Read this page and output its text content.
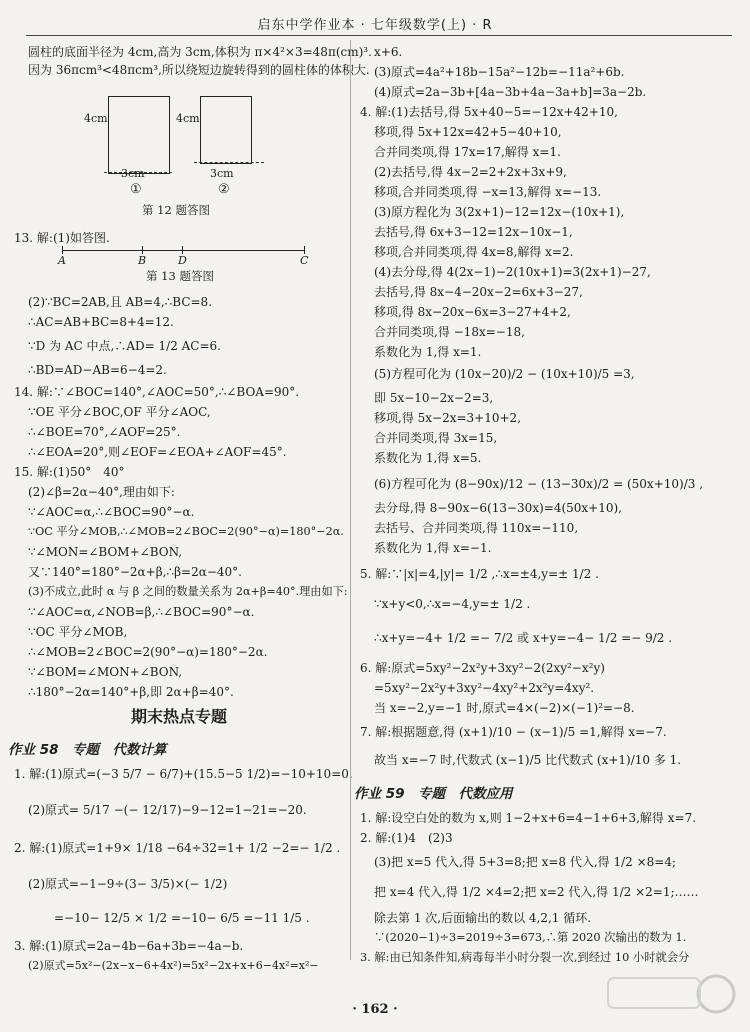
启东中学作业本 · 七年级数学(上) · R
圆柱的底面半径为 4cm,高为 3cm,体积为 π×4²×3=48π(cm)³.
因为 36πcm³<48πcm³,所以绕短边旋转得到的圆柱体的体积大.
4cm
3cm
①
4cm
3cm
②
第 12 题答图
13. 解:(1)如答图.
A	B	D	C
第 13 题答图
(2)∵BC=2AB,且 AB=4,∴BC=8.
∴AC=AB+BC=8+4=12.
∵D 为 AC 中点,∴AD= 1/2 AC=6.
∴BD=AD−AB=6−4=2.
14. 解:∵∠BOC=140°,∠AOC=50°,∴∠BOA=90°.
∵OE 平分∠BOC,OF 平分∠AOC,
∴∠BOE=70°,∠AOF=25°.
∴∠EOA=20°,则∠EOF=∠EOA+∠AOF=45°.
15. 解:(1)50°　40°
(2)∠β=2α−40°,理由如下:
∵∠AOC=α,∴∠BOC=90°−α.
∵OC 平分∠MOB,∴∠MOB=2∠BOC=2(90°−α)=180°−2α.
∵∠MON=∠BOM+∠BON,
又∵140°=180°−2α+β,∴β=2α−40°.
(3)不成立,此时 α 与 β 之间的数量关系为 2α+β=40°.理由如下:
∵∠AOC=α,∠NOB=β,∴∠BOC=90°−α.
∵OC 平分∠MOB,
∴∠MOB=2∠BOC=2(90°−α)=180°−2α.
∵∠BOM=∠MON+∠BON,
∴180°−2α=140°+β,即 2α+β=40°.
期末热点专题
作业 58　专题　代数计算
1. 解:(1)原式=(−3 5/7 − 6/7)+(15.5−5 1/2)=−10+10=0.
(2)原式= 5/17 −(− 12/17)−9−12=1−21=−20.
2. 解:(1)原式=1+9× 1/18 −64÷32=1+ 1/2 −2=− 1/2 .
(2)原式=−1−9÷(3− 3/5)×(− 1/2)
=−10− 12/5 × 1/2 =−10− 6/5 =−11 1/5 .
3. 解:(1)原式=2a−4b−6a+3b=−4a−b.
(2)原式=5x²−(2x−x−6+4x²)=5x²−2x+x+6−4x²=x²−
x+6.
(3)原式=4a²+18b−15a²−12b=−11a²+6b.
(4)原式=2a−3b+[4a−3b+4a−3a+b]=3a−2b.
4. 解:(1)去括号,得 5x+40−5=−12x+42+10,
移项,得 5x+12x=42+5−40+10,
合并同类项,得 17x=17,解得 x=1.
(2)去括号,得 4x−2=2+2x+3x+9,
移项,合并同类项,得 −x=13,解得 x=−13.
(3)原方程化为 3(2x+1)−12=12x−(10x+1),
去括号,得 6x+3−12=12x−10x−1,
移项,合并同类项,得 4x=8,解得 x=2.
(4)去分母,得 4(2x−1)−2(10x+1)=3(2x+1)−27,
去括号,得 8x−4−20x−2=6x+3−27,
移项,得 8x−20x−6x=3−27+4+2,
合并同类项,得 −18x=−18,
系数化为 1,得 x=1.
(5)方程可化为 (10x−20)/2 − (10x+10)/5 =3,
即 5x−10−2x−2=3,
移项,得 5x−2x=3+10+2,
合并同类项,得 3x=15,
系数化为 1,得 x=5.
(6)方程可化为 (8−90x)/12 − (13−30x)/2 = (50x+10)/3 ,
去分母,得 8−90x−6(13−30x)=4(50x+10),
去括号、合并同类项,得 110x=−110,
系数化为 1,得 x=−1.
5. 解:∵|x|=4,|y|= 1/2 ,∴x=±4,y=± 1/2 .
∵x+y<0,∴x=−4,y=± 1/2 .
∴x+y=−4+ 1/2 =− 7/2 或 x+y=−4− 1/2 =− 9/2 .
6. 解:原式=5xy²−2x²y+3xy²−2(2xy²−x²y)
=5xy²−2x²y+3xy²−4xy²+2x²y=4xy².
当 x=−2,y=−1 时,原式=4×(−2)×(−1)²=−8.
7. 解:根据题意,得 (x+1)/10 − (x−1)/5 =1,解得 x=−7.
故当 x=−7 时,代数式 (x−1)/5 比代数式 (x+1)/10 多 1.
作业 59　专题　代数应用
1. 解:设空白处的数为 x,则 1−2+x+6=4−1+6+3,解得 x=7.
2. 解:(1)4　(2)3
(3)把 x=5 代入,得 5+3=8;把 x=8 代入,得 1/2 ×8=4;
把 x=4 代入,得 1/2 ×4=2;把 x=2 代入,得 1/2 ×2=1;……
除去第 1 次,后面输出的数以 4,2,1 循环.
∵(2020−1)÷3=2019÷3=673,∴第 2020 次输出的数为 1.
3. 解:由已知条件知,病毒每半小时分裂一次,到经过 10 小时就会分
· 162 ·
